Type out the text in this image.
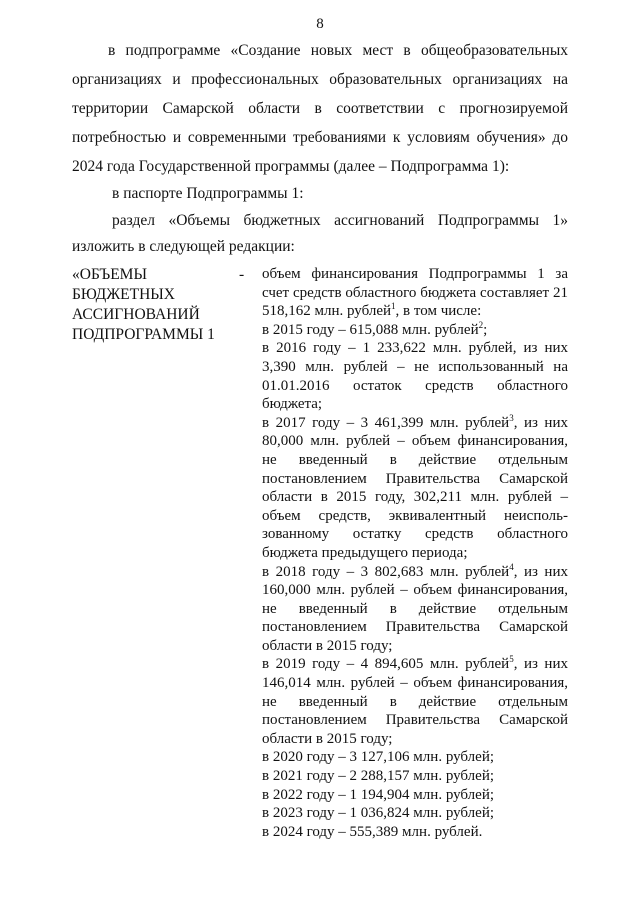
8
в подпрограмме «Создание новых мест в общеобразовательных
организациях и профессиональных образовательных организациях на
территории Самарской области в соответствии с прогнозируемой
потребностью и современными требованиями к условиям обучения» до
2024 года Государственной программы (далее – Подпрограмма 1):
в паспорте Подпрограммы 1:
раздел «Объемы бюджетных ассигнований Подпрограммы 1»
изложить в следующей редакции:
«ОБЪЕМЫ
БЮДЖЕТНЫХ
АССИГНОВАНИЙ
ПОДПРОГРАММЫ 1
- объем финансирования Подпрограммы 1 за счет средств областного бюджета составляет 21 518,162 млн. рублей$^1$, в том числе:

в 2015 году – 615,088 млн. рублей$^2$;

в 2016 году – 1 233,622 млн. рублей, из них 3,390 млн. рублей – не использованный на 01.01.2016 остаток средств областного бюджета;

в 2017 году – 3 461,399 млн. рублей$^3$, из них 80,000 млн. рублей – объем финансирования, не введенный в действие отдельным постановлением Правительства Самарской области в 2015 году, 302,211 млн. рублей – объем средств, эквивалентный неисполь-зованному остатку средств областного бюджета предыдущего периода;

в 2018 году – 3 802,683 млн. рублей$^4$, из них 160,000 млн. рублей – объем финансирования, не введенный в действие отдельным постановлением Правительства Самарской области в 2015 году;

в 2019 году – 4 894,605 млн. рублей$^5$, из них 146,014 млн. рублей – объем финансирования, не введенный в действие отдельным постановлением Правительства Самарской области в 2015 году;

в 2020 году – 3 127,106 млн. рублей;

в 2021 году – 2 288,157 млн. рублей;

в 2022 году – 1 194,904 млн. рублей;

в 2023 году – 1 036,824 млн. рублей;

в 2024 году – 555,389 млн. рублей.
